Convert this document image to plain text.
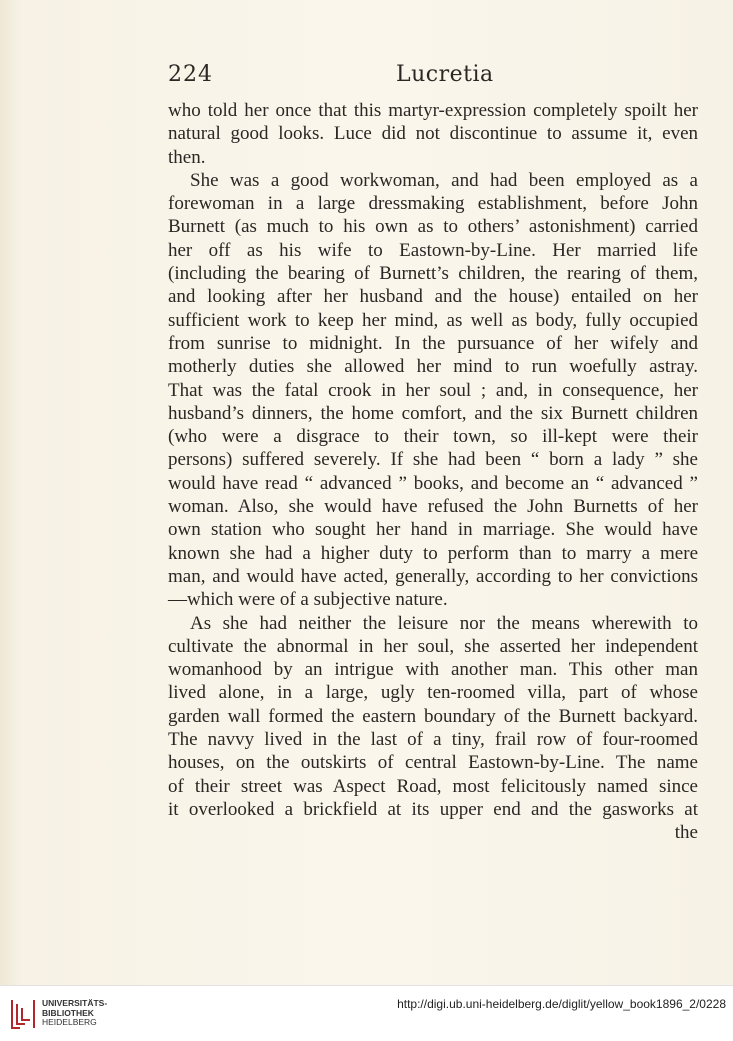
224	Lucretia
who told her once that this martyr-expression completely spoilt her
natural good looks. Luce did not discontinue to assume it, even
then.
She was a good workwoman, and had been employed as a
forewoman in a large dressmaking establishment, before John
Burnett (as much to his own as to others’ astonishment) carried
her off as his wife to Eastown-by-Line. Her married life
(including the bearing of Burnett’s children, the rearing of them,
and looking after her husband and the house) entailed on her
sufficient work to keep her mind, as well as body, fully occupied
from sunrise to midnight. In the pursuance of her wifely and
motherly duties she allowed her mind to run woefully astray.
That was the fatal crook in her soul ; and, in consequence, her
husband’s dinners, the home comfort, and the six Burnett children
(who were a disgrace to their town, so ill-kept were their
persons) suffered severely. If she had been “ born a lady ” she
would have read “ advanced ” books, and become an “ advanced ”
woman. Also, she would have refused the John Burnetts of her
own station who sought her hand in marriage. She would have
known she had a higher duty to perform than to marry a mere
man, and would have acted, generally, according to her convictions
—which were of a subjective nature.
As she had neither the leisure nor the means wherewith to
cultivate the abnormal in her soul, she asserted her independent
womanhood by an intrigue with another man. This other man
lived alone, in a large, ugly ten-roomed villa, part of whose
garden wall formed the eastern boundary of the Burnett backyard.
The navvy lived in the last of a tiny, frail row of four-roomed
houses, on the outskirts of central Eastown-by-Line. The name
of their street was Aspect Road, most felicitously named since
it overlooked a brickfield at its upper end and the gasworks at
the
UNIVERSITÄTS-
BIBLIOTHEK
HEIDELBERG
http://digi.ub.uni-heidelberg.de/diglit/yellow_book1896_2/0228
